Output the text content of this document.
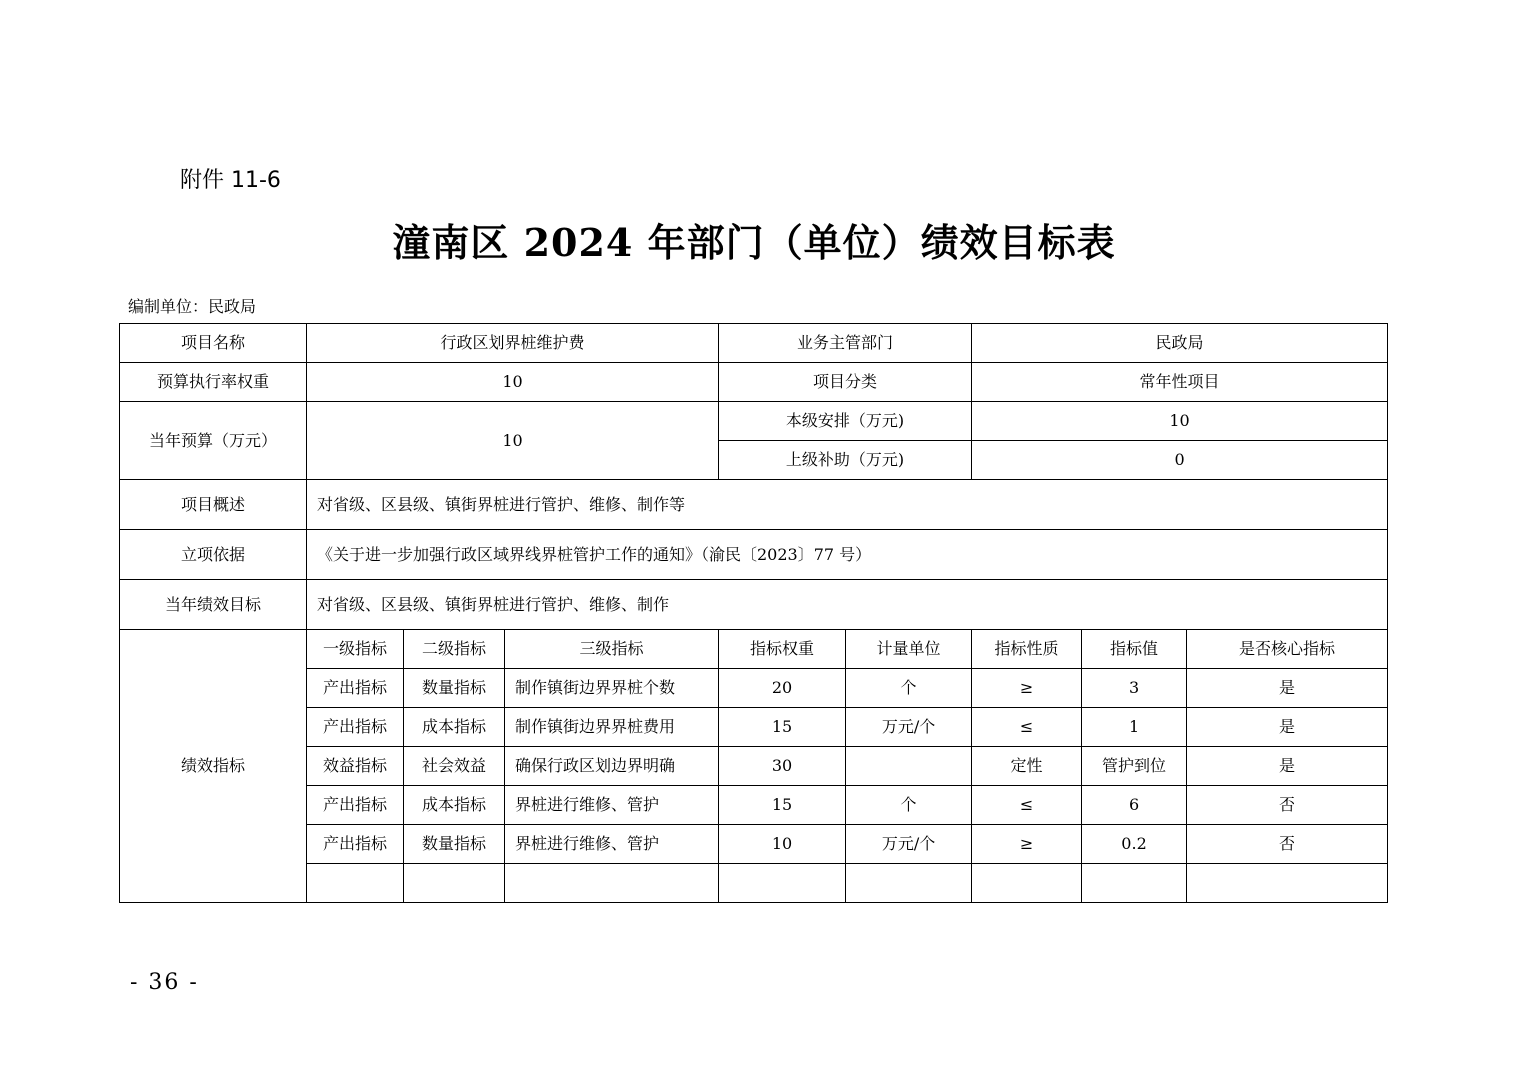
附件 11-6
潼南区 2024 年部门（单位）绩效目标表
编制单位：民政局
项目名称	行政区划界桩维护费			业务主管部门		民政局		
预算执行率权重	10			项目分类		常年性项目		
当年预算（万元）	10			本级安排（万元)		10		
				上级补助（万元)		0		
项目概述	对省级、区县级、镇街界桩进行管护、维修、制作等							
立项依据	《关于进一步加强行政区域界线界桩管护工作的通知》（渝民〔2023〕77 号）							
当年绩效目标	对省级、区县级、镇街界桩进行管护、维修、制作							
绩效指标	一级指标	二级指标	三级指标	指标权重	计量单位	指标性质	指标值	是否核心指标
	产出指标	数量指标	制作镇街边界界桩个数	20	个	≥	3	是
	产出指标	成本指标	制作镇街边界界桩费用	15	万元/个	≤	1	是
	效益指标	社会效益	确保行政区划边界明确	30		定性	管护到位	是
	产出指标	成本指标	界桩进行维修、管护	15	个	≤	6	否
	产出指标	数量指标	界桩进行维修、管护	10	万元/个	≥	0.2	否

- 36 -
